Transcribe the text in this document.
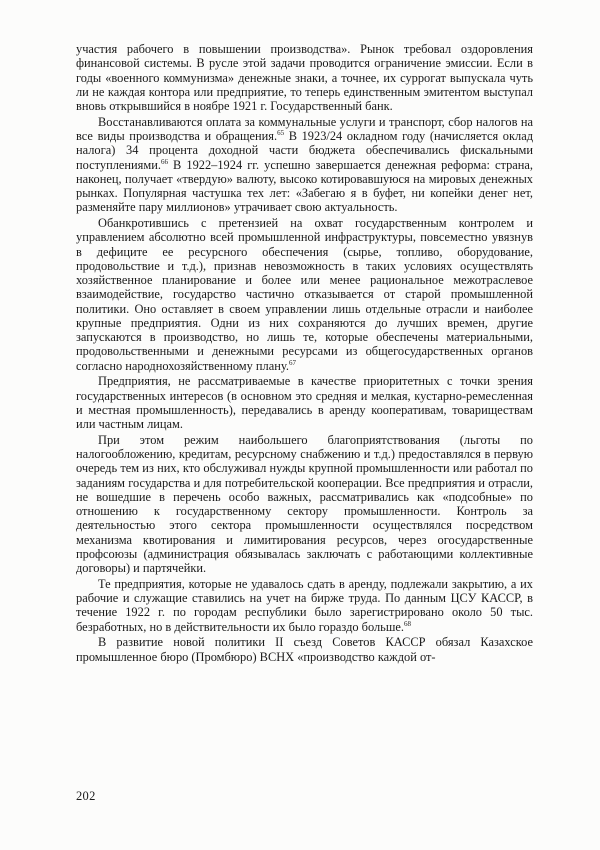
участия рабочего в повышении производства». Рынок требовал оздоровления финансовой системы. В русле этой задачи проводится ограничение эмиссии. Если в годы «военного коммунизма» денежные знаки, а точнее, их суррогат выпускала чуть ли не каждая контора или предприятие, то теперь единственным эмитентом выступал вновь открывшийся в ноябре 1921 г. Государственный банк.

Восстанавливаются оплата за коммунальные услуги и транспорт, сбор налогов на все виды производства и обращения.$^{65}$ В 1923/24 окладном году (начисляется оклад налога) 34 процента доходной части бюджета обеспечивались фискальными поступлениями.$^{66}$ В 1922–1924 гг. успешно завершается денежная реформа: страна, наконец, получает «твердую» валюту, высоко котировавшуюся на мировых денежных рынках. Популярная частушка тех лет: «Забегаю я в буфет, ни копейки денег нет, разменяйте пару миллионов» утрачивает свою актуальность.

Обанкротившись с претензией на охват государственным контролем и управлением абсолютно всей промышленной инфраструктуры, повсеместно увязнув в дефиците ее ресурсного обеспечения (сырье, топливо, оборудование, продовольствие и т.д.), признав невозможность в таких условиях осуществлять хозяйственное планирование и более или менее рациональное межотраслевое взаимодействие, государство частично отказывается от старой промышленной политики. Оно оставляет в своем управлении лишь отдельные отрасли и наиболее крупные предприятия. Одни из них сохраняются до лучших времен, другие запускаются в производство, но лишь те, которые обеспечены материальными, продовольственными и денежными ресурсами из общегосударственных органов согласно народнохозяйственному плану.$^{67}$

Предприятия, не рассматриваемые в качестве приоритетных с точки зрения государственных интересов (в основном это средняя и мелкая, кустарно-ремесленная и местная промышленность), передавались в аренду кооперативам, товариществам или частным лицам.

При этом режим наибольшего благоприятствования (льготы по налогообложению, кредитам, ресурсному снабжению и т.д.) предоставлялся в первую очередь тем из них, кто обслуживал нужды крупной промышленности или работал по заданиям государства и для потребительской кооперации. Все предприятия и отрасли, не вошедшие в перечень особо важных, рассматривались как «подсобные» по отношению к государственному сектору промышленности. Контроль за деятельностью этого сектора промышленности осуществлялся посредством механизма квотирования и лимитирования ресурсов, через огосударственные профсоюзы (администрация обязывалась заключать с работающими коллективные договоры) и партячейки.

Те предприятия, которые не удавалось сдать в аренду, подлежали закрытию, а их рабочие и служащие ставились на учет на бирже труда. По данным ЦСУ КАССР, в течение 1922 г. по городам республики было зарегистрировано около 50 тыс. безработных, но в действительности их было гораздо больше.$^{68}$

В развитие новой политики II съезд Советов КАССР обязал Казахское промышленное бюро (Промбюро) ВСНХ «производство каждой от-

202
